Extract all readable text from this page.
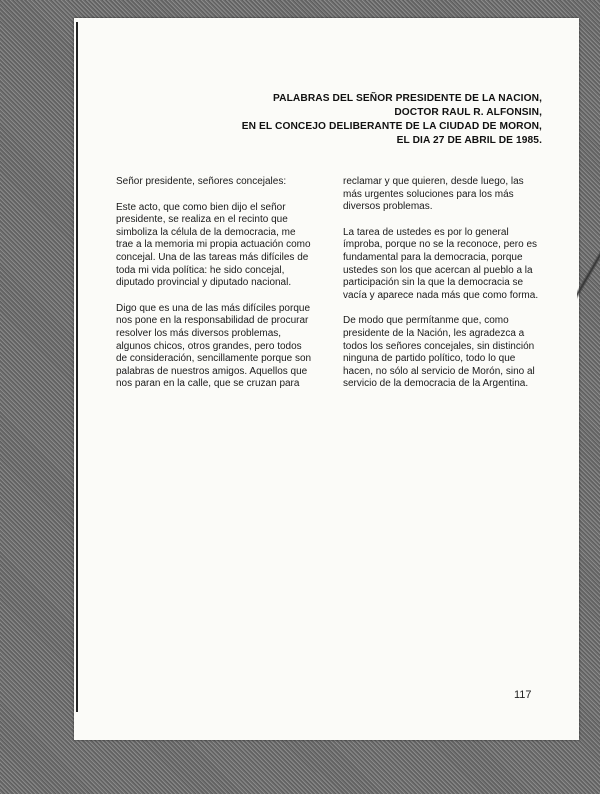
PALABRAS DEL SEÑOR PRESIDENTE DE LA NACION,
DOCTOR RAUL R. ALFONSIN,
EN EL CONCEJO DELIBERANTE DE LA CIUDAD DE MORON,
EL DIA 27 DE ABRIL DE 1985.

Señor presidente, señores concejales:

Este acto, que como bien dijo el señor presidente, se realiza en el recinto que simboliza la célula de la democracia, me trae a la memoria mi propia actuación como concejal. Una de las tareas más difíciles de toda mi vida política: he sido concejal, diputado provincial y diputado nacional.

Digo que es una de las más difíciles porque nos pone en la responsabilidad de procurar resolver los más diversos problemas, algunos chicos, otros grandes, pero todos de consideración, sencillamente porque son palabras de nuestros amigos. Aquellos que nos paran en la calle, que se cruzan para

reclamar y que quieren, desde luego, las más urgentes soluciones para los más diversos problemas.

La tarea de ustedes es por lo general ímproba, porque no se la reconoce, pero es fundamental para la democracia, porque ustedes son los que acercan al pueblo a la participación sin la que la democracia se vacía y aparece nada más que como forma.

De modo que permítanme que, como presidente de la Nación, les agradezca a todos los señores concejales, sin distinción ninguna de partido político, todo lo que hacen, no sólo al servicio de Morón, sino al servicio de la democracia de la Argentina.

117
